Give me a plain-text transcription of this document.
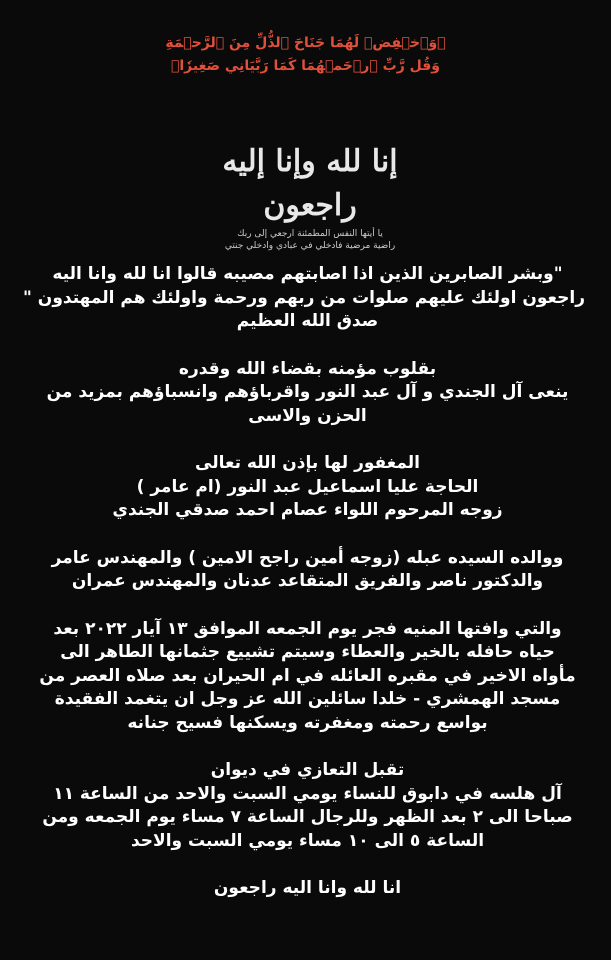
﴿وَٱخۡفِضۡ لَهُمَا جَنَاحَ ٱلذُّلِّ مِنَ ٱلرَّحۡمَةِ
وَقُل رَّبِّ ٱرۡحَمۡهُمَا كَمَا رَبَّيَانِي صَغِيرٗا﴾
إنا لله وإنا إليه راجعون
يا أيتها النفس المطمئنة ارجعي إلى ربك
راضية مرضية فادخلي في عبادي وادخلي جنتي
"وبشر الصابرين الذين اذا اصابتهم مصيبه قالوا انا لله وانا اليه
راجعون اولئك عليهم صلوات من ربهم ورحمة واولئك هم المهتدون "
صدق الله العظيم
بقلوب مؤمنه بقضاء الله وقدره
ينعى آل الجندي و آل عبد النور واقرباؤهم وانسباؤهم بمزيد من
الحزن والاسى
المغفور لها بإذن الله تعالى
الحاجة عليا اسماعيل عبد النور (ام عامر )
زوجه المرحوم اللواء عصام احمد صدقي الجندي
ووالده السيده عبله (زوجه أمين راجح الامين ) والمهندس عامر
والدكتور ناصر والفريق المتقاعد عدنان والمهندس عمران
والتي وافتها المنيه فجر يوم الجمعه الموافق ١٣ آيار ٢٠٢٢ بعد
حياه حافله بالخير والعطاء وسيتم تشييع جثمانها الطاهر الى
مأواه الاخير في مقبره العائله في ام الحيران بعد صلاه العصر من
مسجد الهمشري - خلدا سائلين الله عز وجل ان يتغمد الفقيدة
بواسع رحمته ومغفرته ويسكنها فسيح جنانه
تقبل التعازي في ديوان
آل هلسه في دابوق للنساء يومي السبت والاحد من الساعة ١١
صباحا الى ٢ بعد الظهر وللرجال الساعة ٧ مساء يوم الجمعه ومن
الساعة ٥ الى ١٠ مساء يومي السبت والاحد
انا لله وانا اليه راجعون
